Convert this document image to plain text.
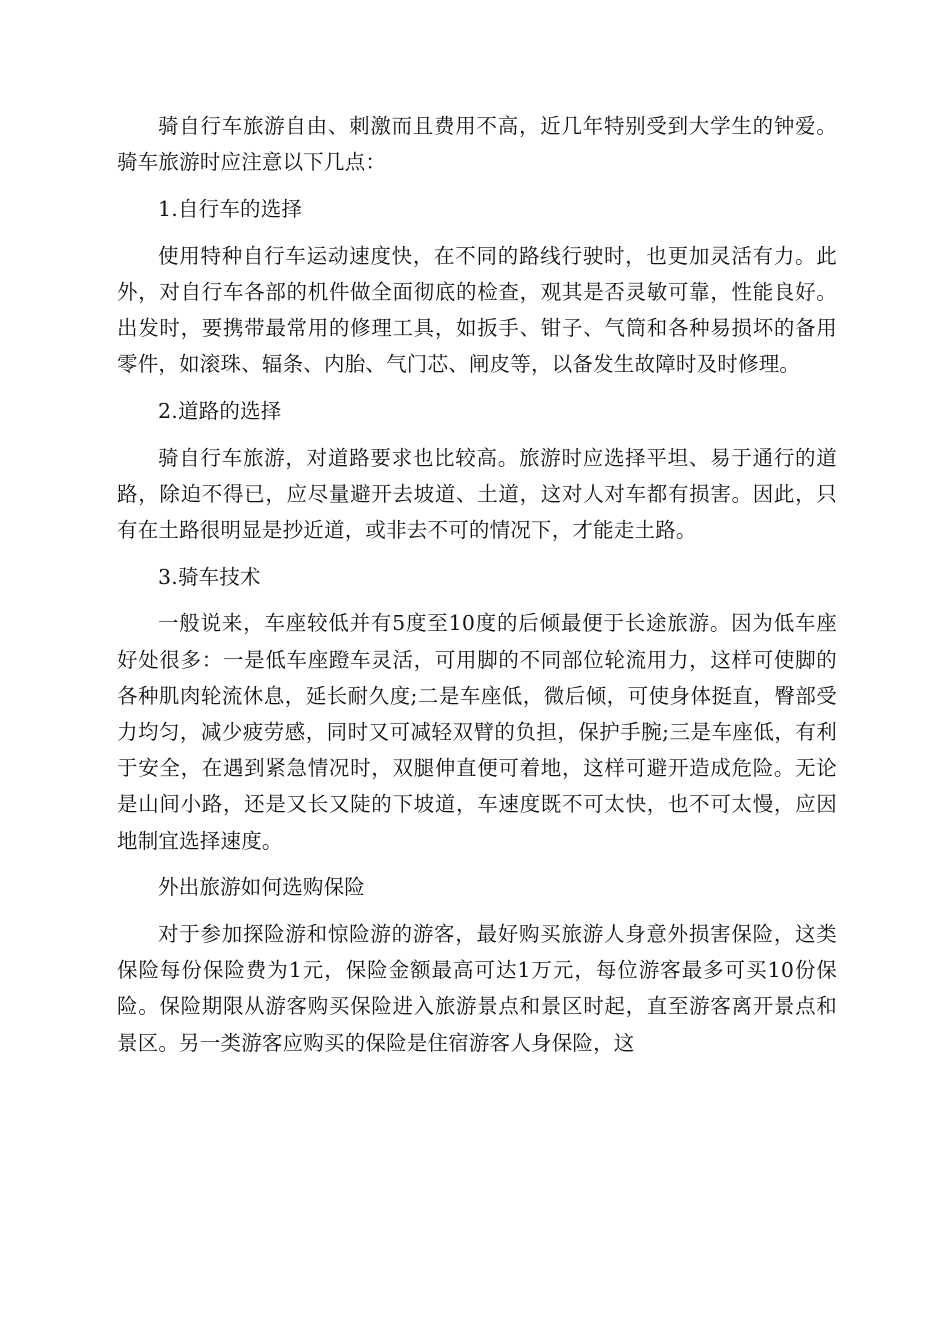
骑自行车旅游自由、刺激而且费用不高，近几年特别受到大学生的钟爱。骑车旅游时应注意以下几点：

1.自行车的选择

使用特种自行车运动速度快，在不同的路线行驶时，也更加灵活有力。此外，对自行车各部的机件做全面彻底的检查，观其是否灵敏可靠，性能良好。出发时，要携带最常用的修理工具，如扳手、钳子、气筒和各种易损坏的备用零件，如滚珠、辐条、内胎、气门芯、闸皮等，以备发生故障时及时修理。

2.道路的选择

骑自行车旅游，对道路要求也比较高。旅游时应选择平坦、易于通行的道路，除迫不得已，应尽量避开去坡道、土道，这对人对车都有损害。因此，只有在土路很明显是抄近道，或非去不可的情况下，才能走土路。

3.骑车技术

一般说来，车座较低并有5度至10度的后倾最便于长途旅游。因为低车座好处很多：一是低车座蹬车灵活，可用脚的不同部位轮流用力，这样可使脚的各种肌肉轮流休息，延长耐久度;二是车座低，微后倾，可使身体挺直，臀部受力均匀，减少疲劳感，同时又可减轻双臂的负担，保护手腕;三是车座低，有利于安全，在遇到紧急情况时，双腿伸直便可着地，这样可避开造成危险。无论是山间小路，还是又长又陡的下坡道，车速度既不可太快，也不可太慢，应因地制宜选择速度。

外出旅游如何选购保险

对于参加探险游和惊险游的游客，最好购买旅游人身意外损害保险，这类保险每份保险费为1元，保险金额最高可达1万元，每位游客最多可买10份保险。保险期限从游客购买保险进入旅游景点和景区时起，直至游客离开景点和景区。另一类游客应购买的保险是住宿游客人身保险，这
